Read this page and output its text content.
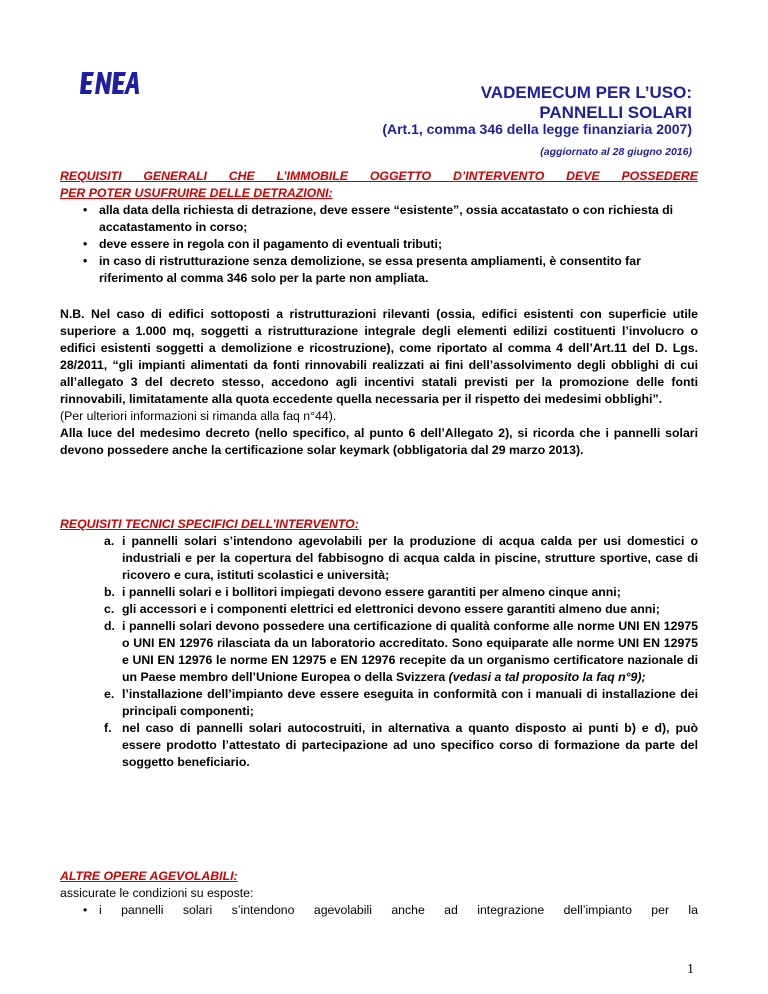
VADEMECUM PER L’USO:
PANNELLI SOLARI
(Art.1, comma 346 della legge finanziaria 2007)
(aggiornato al 28 giugno 2016)
REQUISITI GENERALI CHE L’IMMOBILE OGGETTO D’INTERVENTO DEVE POSSEDERE
PER POTER USUFRUIRE DELLE DETRAZIONI:
• alla data della richiesta di detrazione, deve essere “esistente”, ossia accatastato o con richiesta di accatastamento in corso;
• deve essere in regola con il pagamento di eventuali tributi;
• in caso di ristrutturazione senza demolizione, se essa presenta ampliamenti, è consentito far riferimento al comma 346 solo per la parte non ampliata.
N.B. Nel caso di edifici sottoposti a ristrutturazioni rilevanti (ossia, edifici esistenti con superficie utile superiore a 1.000 mq, soggetti a ristrutturazione integrale degli elementi edilizi costituenti l’involucro o edifici esistenti soggetti a demolizione e ricostruzione), come riportato al comma 4 dell’Art.11 del D. Lgs. 28/2011, “gli impianti alimentati da fonti rinnovabili realizzati ai fini dell’assolvimento degli obblighi di cui all’allegato 3 del decreto stesso, accedono agli incentivi statali previsti per la promozione delle fonti rinnovabili, limitatamente alla quota eccedente quella necessaria per il rispetto dei medesimi obblighi”.
(Per ulteriori informazioni si rimanda alla faq n°44).
Alla luce del medesimo decreto (nello specifico, al punto 6 dell’Allegato 2), si ricorda che i pannelli solari devono possedere anche la certificazione solar keymark (obbligatoria dal 29 marzo 2013).
REQUISITI TECNICI SPECIFICI DELL’INTERVENTO:
a. i pannelli solari s’intendono agevolabili per la produzione di acqua calda per usi domestici o industriali e per la copertura del fabbisogno di acqua calda in piscine, strutture sportive, case di ricovero e cura, istituti scolastici e università;
b. i pannelli solari e i bollitori impiegati devono essere garantiti per almeno cinque anni;
c. gli accessori e i componenti elettrici ed elettronici devono essere garantiti almeno due anni;
d. i pannelli solari devono possedere una certificazione di qualità conforme alle norme UNI EN 12975 o UNI EN 12976 rilasciata da un laboratorio accreditato. Sono equiparate alle norme UNI EN 12975 e UNI EN 12976 le norme EN 12975 e EN 12976 recepite da un organismo certificatore nazionale di un Paese membro dell’Unione Europea o della Svizzera (vedasi a tal proposito la faq n°9);
e. l’installazione dell’impianto deve essere eseguita in conformità con i manuali di installazione dei principali componenti;
f. nel caso di pannelli solari autocostruiti, in alternativa a quanto disposto ai punti b) e d), può essere prodotto l’attestato di partecipazione ad uno specifico corso di formazione da parte del soggetto beneficiario.
ALTRE OPERE AGEVOLABILI:
assicurate le condizioni su esposte:
• i pannelli solari s’intendono agevolabili anche ad integrazione dell’impianto per la
1
